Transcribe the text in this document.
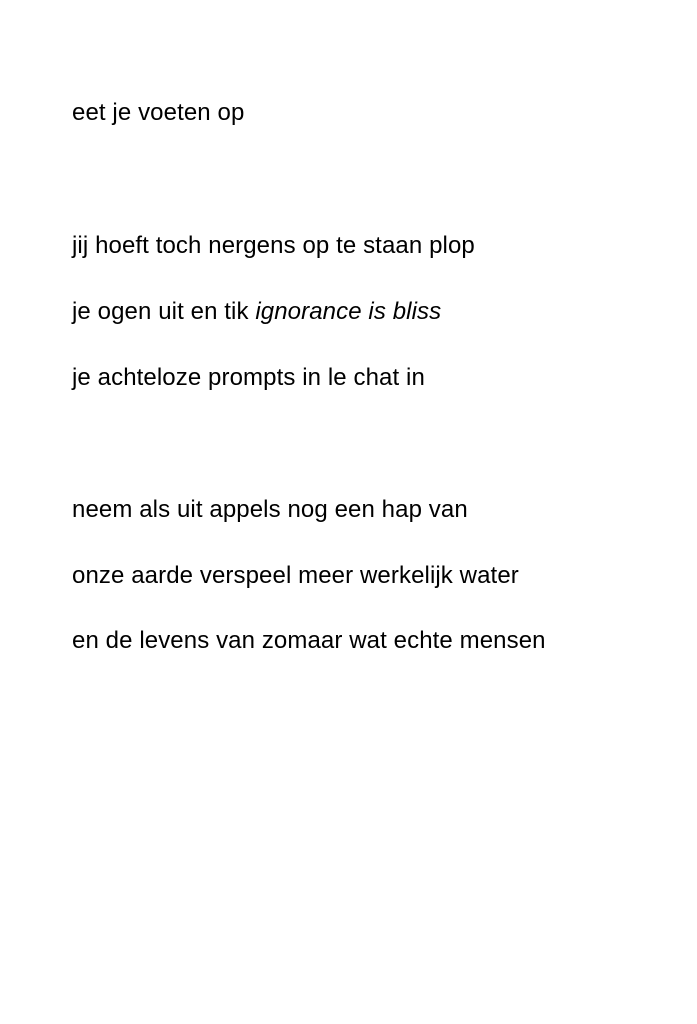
eet je voeten op

jij hoeft toch nergens op te staan plop

je ogen uit en tik ignorance is bliss

je achteloze prompts in le chat in

neem als uit appels nog een hap van

onze aarde verspeel meer werkelijk water

en de levens van zomaar wat echte mensen
